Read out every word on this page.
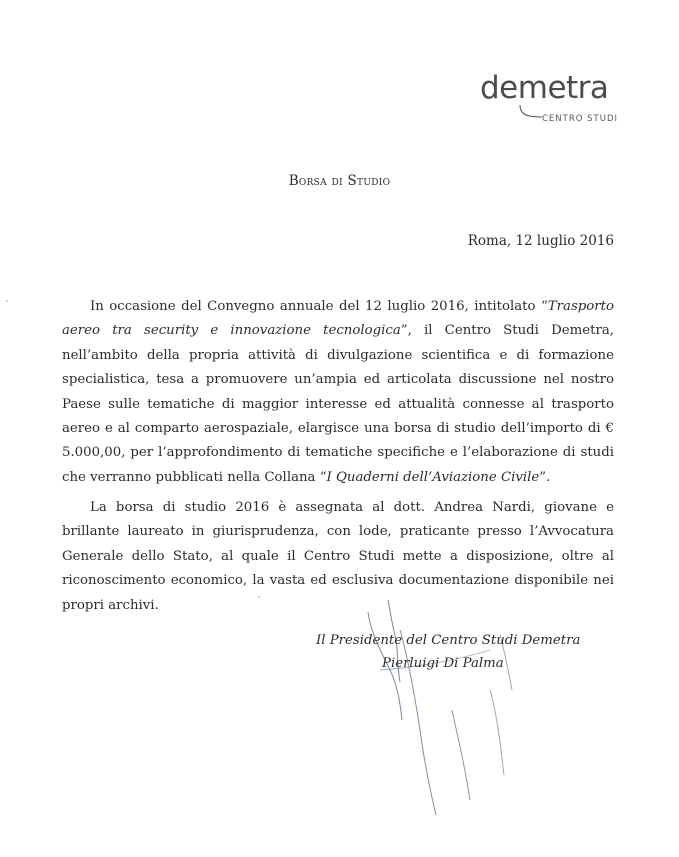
demetra
CENTRO STUDI
Borsa di Studio
Roma, 12 luglio 2016

In occasione del Convegno annuale del 12 luglio 2016, intitolato “Trasporto aereo tra security e innovazione tecnologica”, il Centro Studi Demetra, nell’ambito della propria attività di divulgazione scientifica e di formazione specialistica, tesa a promuovere un’ampia ed articolata discussione nel nostro Paese sulle tematiche di maggior interesse ed attualità connesse al trasporto aereo e al comparto aerospaziale, elargisce una borsa di studio dell’importo di € 5.000,00, per l’approfondimento di tematiche specifiche e l’elaborazione di studi che verranno pubblicati nella Collana “I Quaderni dell’Aviazione Civile”.

La borsa di studio 2016 è assegnata al dott. Andrea Nardi, giovane e brillante laureato in giurisprudenza, con lode, praticante presso l’Avvocatura Generale dello Stato, al quale il Centro Studi mette a disposizione, oltre al riconoscimento economico, la vasta ed esclusiva documentazione disponibile nei propri archivi.

Il Presidente del Centro Studi Demetra
Pierluigi Di Palma
